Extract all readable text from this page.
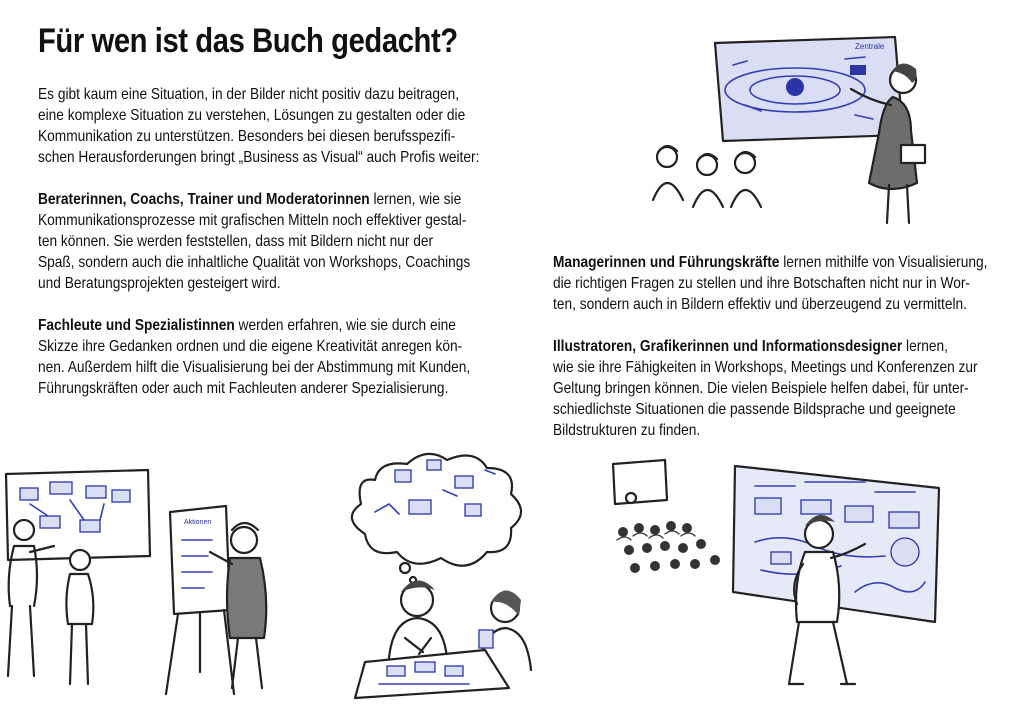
Für wen ist das Buch gedacht?
Es gibt kaum eine Situation, in der Bilder nicht positiv dazu beitragen,
eine komplexe Situation zu verstehen, Lösungen zu gestalten oder die
Kommunikation zu unterstützen. Besonders bei diesen berufsspezifi-
schen Herausforderungen bringt „Business as Visual“ auch Profis weiter:
Beraterinnen, Coachs, Trainer und Moderatorinnen lernen, wie sie
Kommunikationsprozesse mit grafischen Mitteln noch effektiver gestal-
ten können. Sie werden feststellen, dass mit Bildern nicht nur der
Spaß, sondern auch die inhaltliche Qualität von Workshops, Coachings
und Beratungsprojekten gesteigert wird.
Fachleute und Spezialistinnen werden erfahren, wie sie durch eine
Skizze ihre Gedanken ordnen und die eigene Kreativität anregen kön-
nen. Außerdem hilft die Visualisierung bei der Abstimmung mit Kunden,
Führungskräften oder auch mit Fachleuten anderer Spezialisierung.
Managerinnen und Führungskräfte lernen mithilfe von Visualisierung,
die richtigen Fragen zu stellen und ihre Botschaften nicht nur in Wor-
ten, sondern auch in Bildern effektiv und überzeugend zu vermitteln.
Illustratoren, Grafikerinnen und Informationsdesigner lernen,
wie sie ihre Fähigkeiten in Workshops, Meetings und Konferenzen zur
Geltung bringen können. Die vielen Beispiele helfen dabei, für unter-
schiedlichste Situationen die passende Bildsprache und geeignete
Bildstrukturen zu finden.
Zentrale
Aktionen
